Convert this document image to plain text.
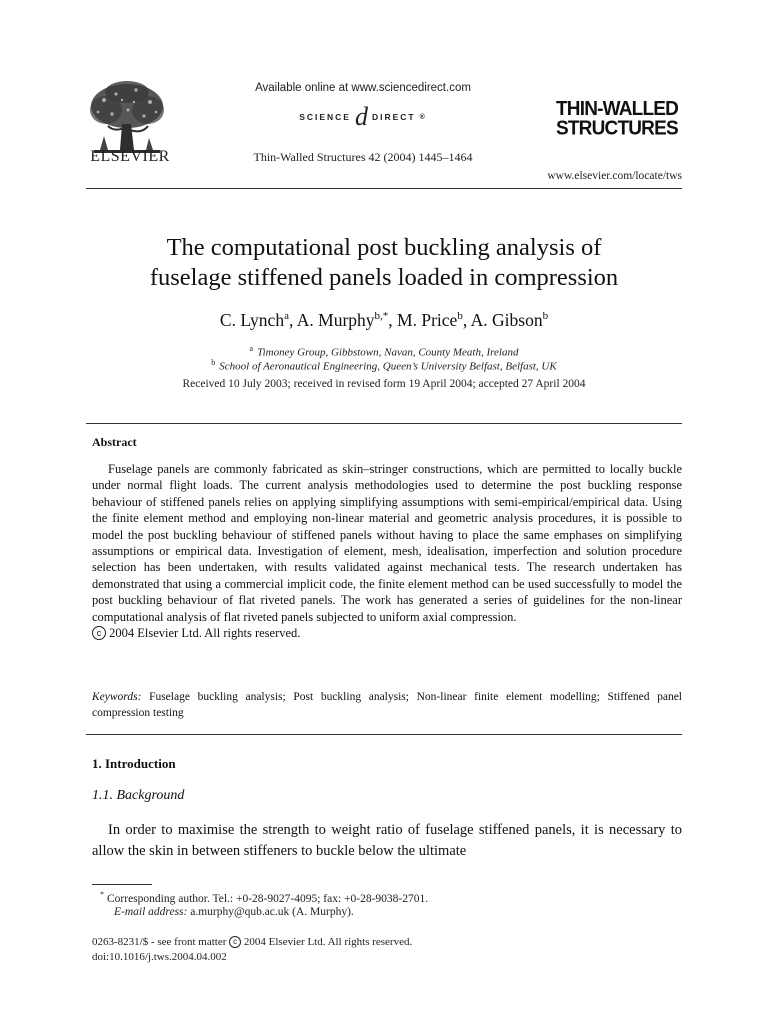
ELSEVIER
Available online at www.sciencedirect.com
SCIENCE d DIRECT ®
Thin-Walled Structures 42 (2004) 1445–1464
THIN-WALLED
STRUCTURES
www.elsevier.com/locate/tws
The computational post buckling analysis of
fuselage stiffened panels loaded in compression
C. Lynch$^a$, A. Murphy$^{b,*}$, M. Price$^b$, A. Gibson$^b$
$^a$ Timoney Group, Gibbstown, Navan, County Meath, Ireland
$^b$ School of Aeronautical Engineering, Queen’s University Belfast, Belfast, UK
Received 10 July 2003; received in revised form 19 April 2004; accepted 27 April 2004
Abstract

Fuselage panels are commonly fabricated as skin–stringer constructions, which are permitted to locally buckle under normal flight loads. The current analysis methodologies used to determine the post buckling response behaviour of stiffened panels relies on applying simplifying assumptions with semi-empirical/empirical data. Using the finite element method and employing non-linear material and geometric analysis procedures, it is possible to model the post buckling behaviour of stiffened panels without having to place the same emphases on simplifying assumptions or empirical data. Investigation of element, mesh, idealisation, imperfection and solution procedure selection has been undertaken, with results validated against mechanical tests. The research undertaken has demonstrated that using a commercial implicit code, the finite element method can be used successfully to model the post buckling behaviour of flat riveted panels. The work has generated a series of guidelines for the non-linear computational analysis of flat riveted panels subjected to uniform axial compression.

c 2004 Elsevier Ltd. All rights reserved.
Keywords: Fuselage buckling analysis; Post buckling analysis; Non-linear finite element modelling; Stiffened panel compression testing
1. Introduction
1.1. Background

In order to maximise the strength to weight ratio of fuselage stiffened panels, it is necessary to allow the skin in between stiffeners to buckle below the ultimate

* Corresponding author. Tel.: +0-28-9027-4095; fax: +0-28-9038-2701.
E-mail address: a.murphy@qub.ac.uk (A. Murphy).
0263-8231/$ - see front matter c 2004 Elsevier Ltd. All rights reserved.
doi:10.1016/j.tws.2004.04.002
